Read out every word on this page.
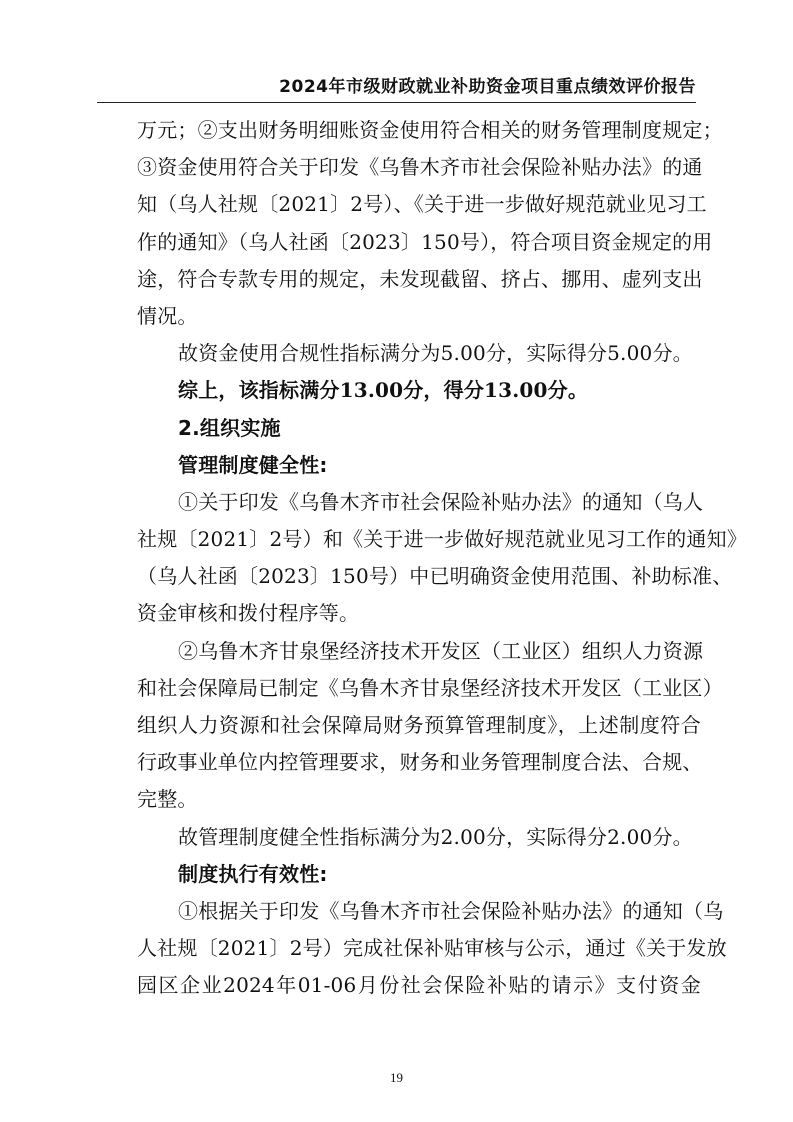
2024年市级财政就业补助资金项目重点绩效评价报告
万元；②支出财务明细账资金使用符合相关的财务管理制度规定；
③资金使用符合关于印发《乌鲁木齐市社会保险补贴办法》的通
知（乌人社规〔2021〕2号）、《关于进一步做好规范就业见习工
作的通知》（乌人社函〔2023〕150号），符合项目资金规定的用
途，符合专款专用的规定，未发现截留、挤占、挪用、虚列支出
情况。
故资金使用合规性指标满分为5.00分，实际得分5.00分。
综上，该指标满分13.00分，得分13.00分。
2.组织实施
管理制度健全性:
①关于印发《乌鲁木齐市社会保险补贴办法》的通知（乌人
社规〔2021〕2号）和《关于进一步做好规范就业见习工作的通知》
（乌人社函〔2023〕150号）中已明确资金使用范围、补助标准、
资金审核和拨付程序等。
②乌鲁木齐甘泉堡经济技术开发区（工业区）组织人力资源
和社会保障局已制定《乌鲁木齐甘泉堡经济技术开发区（工业区）
组织人力资源和社会保障局财务预算管理制度》，上述制度符合
行政事业单位内控管理要求，财务和业务管理制度合法、合规、
完整。
故管理制度健全性指标满分为2.00分，实际得分2.00分。
制度执行有效性:
①根据关于印发《乌鲁木齐市社会保险补贴办法》的通知（乌
人社规〔2021〕2号）完成社保补贴审核与公示，通过《关于发放
园区企业2024年01-06月份社会保险补贴的请示》支付资金
19
